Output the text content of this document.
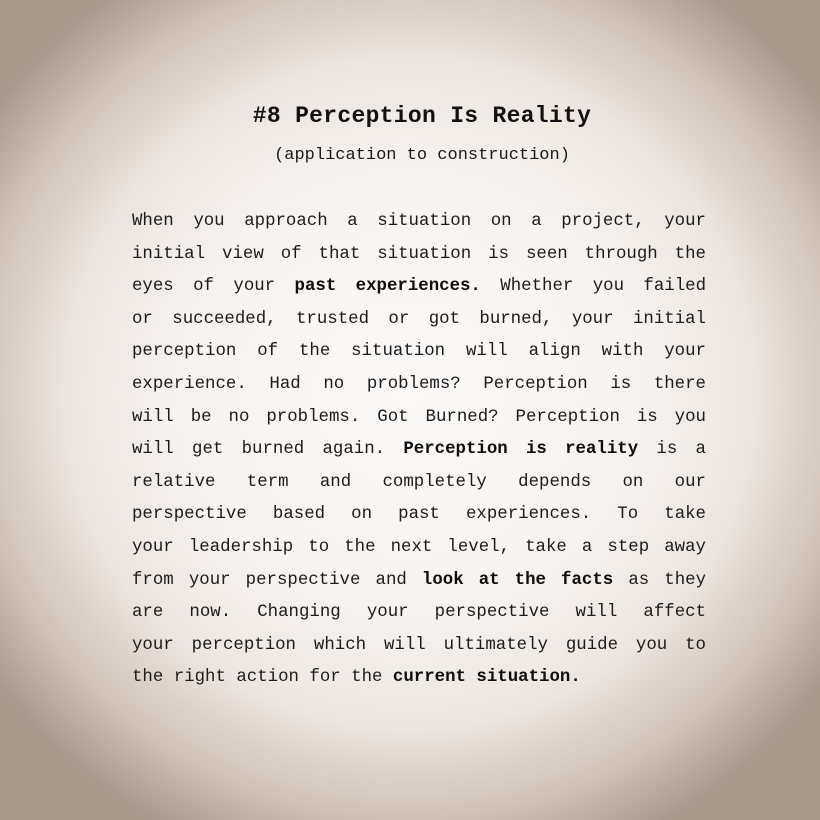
#8 Perception Is Reality
(application to construction)
When you approach a situation on a project, your
initial view of that situation is seen through the
eyes of your past experiences. Whether you failed
or succeeded, trusted or got burned, your initial
perception of the situation will align with your
experience. Had no problems? Perception is there
will be no problems. Got Burned? Perception is you
will get burned again. Perception is reality is a
relative term and completely depends on our
perspective based on past experiences. To take
your leadership to the next level, take a step away
from your perspective and look at the facts as they
are now. Changing your perspective will affect
your perception which will ultimately guide you to
the right action for the current situation.
